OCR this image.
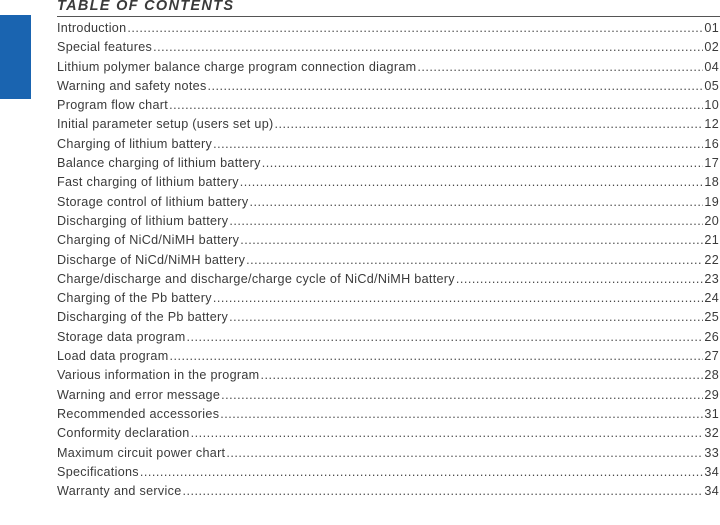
TABLE OF CONTENTS
Introduction .....	01
Special features .....	02
Lithium polymer balance charge program connection diagram .....	04
Warning and safety notes .....	05
Program flow chart .....	10
Initial parameter setup (users set up) .....	12
Charging of lithium battery .....	16
Balance charging of lithium battery .....	17
Fast charging of lithium battery .....	18
Storage control of lithium battery .....	19
Discharging of lithium battery .....	20
Charging of NiCd/NiMH battery .....	21
Discharge of NiCd/NiMH battery .....	22
Charge/discharge and discharge/charge cycle of NiCd/NiMH battery .....	23
Charging of the Pb battery .....	24
Discharging of the Pb battery .....	25
Storage data program .....	26
Load data program .....	27
Various information in the program .....	28
Warning and error message .....	29
Recommended accessories .....	31
Conformity declaration .....	32
Maximum circuit power chart .....	33
Specifications .....	34
Warranty and service .....	34
